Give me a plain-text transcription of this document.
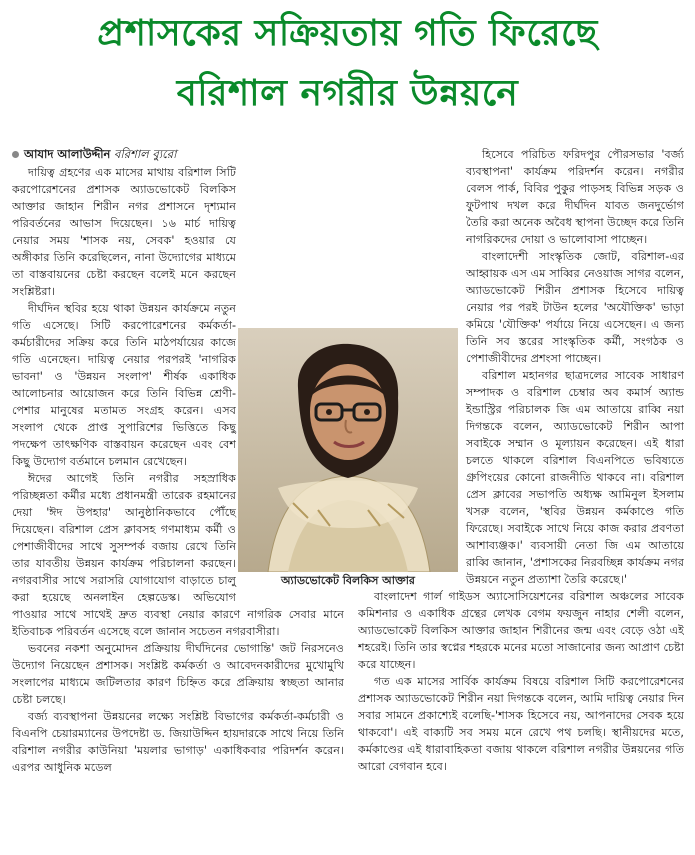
প্রশাসকের সক্রিয়তায় গতি ফিরেছে
বরিশাল নগরীর উন্নয়নে
আযাদ আলাউদ্দীন বরিশাল ব্যুরো

দায়িত্ব গ্রহণের এক মাসের মাথায় বরিশাল সিটি করপোরেশনের প্রশাসক অ্যাডভোকেট বিলকিস আক্তার জাহান শিরীন নগর প্রশাসনে দৃশ্যমান পরিবর্তনের আভাস দিয়েছেন। ১৬ মার্চ দায়িত্ব নেয়ার সময় 'শাসক নয়, সেবক' হওয়ার যে অঙ্গীকার তিনি করেছিলেন, নানা উদ্যোগের মাধ্যমে তা বাস্তবায়নের চেষ্টা করছেন বলেই মনে করছেন সংশ্লিষ্টরা।

দীর্ঘদিন স্থবির হয়ে থাকা উন্নয়ন কার্যক্রমে নতুন গতি এসেছে। সিটি করপোরেশনের কর্মকর্তা-কর্মচারীদের সক্রিয় করে তিনি মাঠপর্যায়ের কাজে গতি এনেছেন। দায়িত্ব নেয়ার পরপরই 'নাগরিক ভাবনা' ও 'উন্নয়ন সংলাপ' শীর্ষক একাধিক আলোচনার আয়োজন করে তিনি বিভিন্ন শ্রেণী-পেশার মানুষের মতামত সংগ্রহ করেন। এসব সংলাপ থেকে প্রাপ্ত সুপারিশের ভিত্তিতে কিছু পদক্ষেপ তাৎক্ষণিক বাস্তবায়ন করেছেন এবং বেশ কিছু উদ্যোগ বর্তমানে চলমান রেখেছেন।

ঈদের আগেই তিনি নগরীর সহস্রাধিক পরিচ্ছন্নতা কর্মীর মধ্যে প্রধানমন্ত্রী তারেক রহমানের দেয়া 'ঈদ উপহার' আনুষ্ঠানিকভাবে পৌঁছে দিয়েছেন। বরিশাল প্রেস ক্লাবসহ গণমাধ্যম কর্মী ও পেশাজীবীদের সাথে সুসম্পর্ক বজায় রেখে তিনি তার যাবতীয় উন্নয়ন কার্যক্রম পরিচালনা করছেন। নগরবাসীর সাথে সরাসরি যোগাযোগ বাড়াতে চালু করা হয়েছে অনলাইন হেল্পডেস্ক। অভিযোগ পাওয়ার সাথে সাথেই দ্রুত ব্যবস্থা নেয়ার কারণে নাগরিক সেবার মানে ইতিবাচক পরিবর্তন এসেছে বলে জানান সচেতন নগরবাসীরা।

ভবনের নকশা অনুমোদন প্রক্রিয়ায় দীর্ঘদিনের ভোগান্তি' জট নিরসনেও উদ্যোগ নিয়েছেন প্রশাসক। সংশ্লিষ্ট কর্মকর্তা ও আবেদনকারীদের মুখোমুখি সংলাপের মাধ্যমে জটিলতার কারণ চিহ্নিত করে প্রক্রিয়ায় স্বচ্ছতা আনার চেষ্টা চলছে।

বর্জ্য ব্যবস্থাপনা উন্নয়নের লক্ষ্যে সংশ্লিষ্ট বিভাগের কর্মকর্তা-কর্মচারী ও বিএনপি চেয়ারম্যানের উপদেষ্টা ড. জিয়াউদ্দিন হায়দারকে সাথে নিয়ে তিনি বরিশাল নগরীর কাউনিয়া 'ময়লার ভাগাড়' একাধিকবার পরিদর্শন করেন। এরপর আধুনিক মডেল

হিসেবে পরিচিত ফরিদপুর পৌরসভার 'বর্জ্য ব্যবস্থাপনা' কার্যক্রম পরিদর্শন করেন। নগরীর বেলস পার্ক, বিবির পুকুর পাড়সহ বিভিন্ন সড়ক ও ফুটপাথ দখল করে দীর্ঘদিন যাবত জনদুর্ভোগ তৈরি করা অনেক অবৈধ স্থাপনা উচ্ছেদ করে তিনি নাগরিকদের দোয়া ও ভালোবাসা পাচ্ছেন।

বাংলাদেশী সাংস্কৃতিক জোট, বরিশাল-এর আহ্বায়ক এস এম সাব্বির নেওয়াজ সাগর বলেন, অ্যাডভোকেট শিরীন প্রশাসক হিসেবে দায়িত্ব নেয়ার পর পরই টাউন হলের 'অযৌক্তিক' ভাড়া কমিয়ে 'যৌক্তিক' পর্যায়ে নিয়ে এসেছেন। এ জন্য তিনি সব স্তরের সাংস্কৃতিক কর্মী, সংগঠক ও পেশাজীবীদের প্রশংসা পাচ্ছেন।

বরিশাল মহানগর ছাত্রদলের সাবেক সাধারণ সম্পাদক ও বরিশাল চেম্বার অব কমার্স অ্যান্ড ইন্ডাস্ট্রির পরিচালক জি এম আতায়ে রাব্বি নয়া দিগন্তকে বলেন, অ্যাডভোকেট শিরীন আপা সবাইকে সম্মান ও মূল্যায়ন করেছেন। এই ধারা চলতে থাকলে বরিশাল বিএনপিতে ভবিষ্যতে গ্রুপিংয়ের কোনো রাজনীতি থাকবে না। বরিশাল প্রেস ক্লাবের সভাপতি অধ্যক্ষ আমিনুল ইসলাম খসরু বলেন, 'স্থবির উন্নয়ন কর্মকাণ্ডে গতি ফিরেছে। সবাইকে সাথে নিয়ে কাজ করার প্রবণতা আশাব্যঞ্জক।' ব্যবসায়ী নেতা জি এম আতায়ে রাব্বি জানান, 'প্রশাসকের নিরবচ্ছিন্ন কার্যক্রম নগর উন্নয়নে নতুন প্রত্যাশা তৈরি করেছে।'

বাংলাদেশ গার্ল গাইডস অ্যাসোসিয়েশনের বরিশাল অঞ্চলের সাবেক কমিশনার ও একাধিক গ্রন্থের লেখক বেগম ফয়জুন নাহার শেলী বলেন, অ্যাডভোকেট বিলকিস আক্তার জাহান শিরীনের জন্ম এবং বেড়ে ওঠা এই শহরেই। তিনি তার স্বপ্নের শহরকে মনের মতো সাজানোর জন্য আপ্রাণ চেষ্টা করে যাচ্ছেন।

গত এক মাসের সার্বিক কার্যক্রম বিষয়ে বরিশাল সিটি করপোরেশনের প্রশাসক অ্যাডভোকেট শিরীন নয়া দিগন্তকে বলেন, আমি দায়িত্ব নেয়ার দিন সবার সামনে প্রকাশ্যেই বলেছি-'শাসক হিসেবে নয়, আপনাদের সেবক হয়ে থাকবো'। এই বাক্যটি সব সময় মনে রেখে পথ চলছি। স্থানীয়দের মতে, কর্মকাণ্ডের এই ধারাবাহিকতা বজায় থাকলে বরিশাল নগরীর উন্নয়নের গতি আরো বেগবান হবে।

অ্যাডভোকেট বিলকিস আক্তার
